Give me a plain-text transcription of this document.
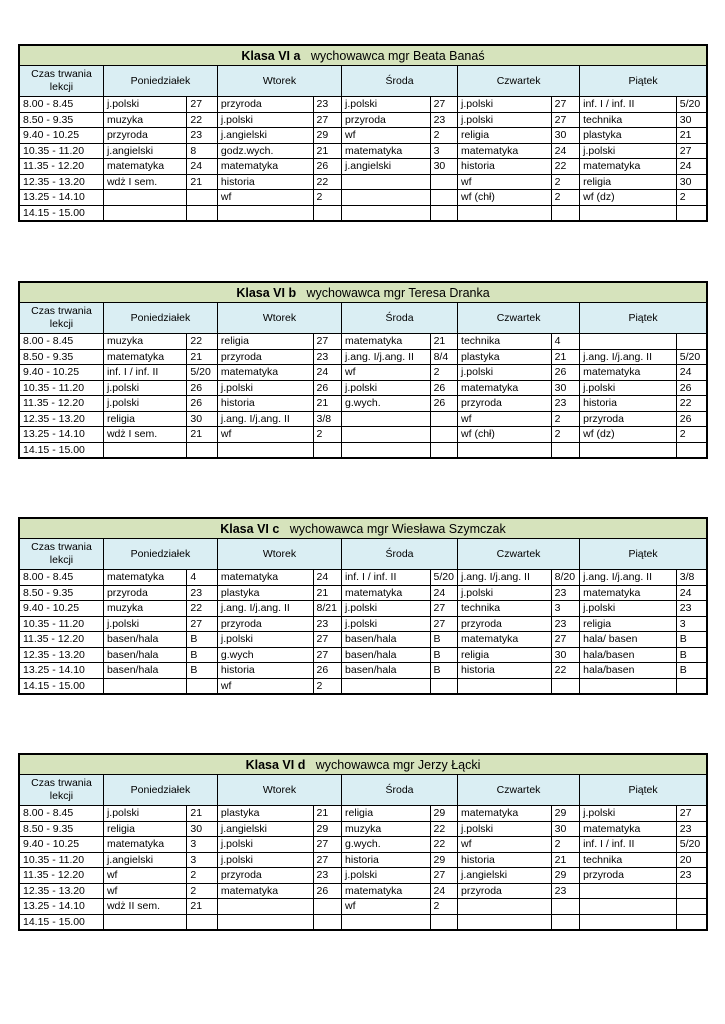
Klasa VI a   wychowawca mgr Beata Banaś										
Czas trwania lekcji	Poniedziałek		Wtorek		Środa		Czwartek		Piątek	
8.00 - 8.45	j.polski	27	przyroda	23	j.polski	27	j.polski	27	inf. I / inf. II	5/20
8.50 - 9.35	muzyka	22	j.polski	27	przyroda	23	j.polski	27	technika	30
9.40 - 10.25	przyroda	23	j.angielski	29	wf	2	religia	30	plastyka	21
10.35 - 11.20	j.angielski	8	godz.wych.	21	matematyka	3	matematyka	24	j.polski	27
11.35 - 12.20	matematyka	24	matematyka	26	j.angielski	30	historia	22	matematyka	24
12.35 - 13.20	wdż I sem.	21	historia	22			wf	2	religia	30
13.25 - 14.10			wf	2			wf (chł)	2	wf (dz)	2
14.15 - 15.00										
Klasa VI b   wychowawca mgr Teresa Dranka										
Czas trwania lekcji	Poniedziałek		Wtorek		Środa		Czwartek		Piątek	
8.00 - 8.45	muzyka	22	religia	27	matematyka	21	technika	4		
8.50 - 9.35	matematyka	21	przyroda	23	j.ang. I/j.ang. II	8/4	plastyka	21	j.ang. I/j.ang. II	5/20
9.40 - 10.25	inf. I / inf. II	5/20	matematyka	24	wf	2	j.polski	26	matematyka	24
10.35 - 11.20	j.polski	26	j.polski	26	j.polski	26	matematyka	30	j.polski	26
11.35 - 12.20	j.polski	26	historia	21	g.wych.	26	przyroda	23	historia	22
12.35 - 13.20	religia	30	j.ang. I/j.ang. II	3/8			wf	2	przyroda	26
13.25 - 14.10	wdż I sem.	21	wf	2			wf (chł)	2	wf (dz)	2
14.15 - 15.00										
Klasa VI c   wychowawca mgr Wiesława Szymczak										
Czas trwania lekcji	Poniedziałek		Wtorek		Środa		Czwartek		Piątek	
8.00 - 8.45	matematyka	4	matematyka	24	inf. I / inf. II	5/20	j.ang. I/j.ang. II	8/20	j.ang. I/j.ang. II	3/8
8.50 - 9.35	przyroda	23	plastyka	21	matematyka	24	j.polski	23	matematyka	24
9.40 - 10.25	muzyka	22	j.ang. I/j.ang. II	8/21	j.polski	27	technika	3	j.polski	23
10.35 - 11.20	j.polski	27	przyroda	23	j.polski	27	przyroda	23	religia	3
11.35 - 12.20	basen/hala	B	j.polski	27	basen/hala	B	matematyka	27	hala/ basen	B
12.35 - 13.20	basen/hala	B	g.wych	27	basen/hala	B	religia	30	hala/basen	B
13.25 - 14.10	basen/hala	B	historia	26	basen/hala	B	historia	22	hala/basen	B
14.15 - 15.00			wf	2						
Klasa VI d   wychowawca mgr Jerzy Łącki										
Czas trwania lekcji	Poniedziałek		Wtorek		Środa		Czwartek		Piątek	
8.00 - 8.45	j.polski	21	plastyka	21	religia	29	matematyka	29	j.polski	27
8.50 - 9.35	religia	30	j.angielski	29	muzyka	22	j.polski	30	matematyka	23
9.40 - 10.25	matematyka	3	j.polski	27	g.wych.	22	wf	2	inf. I / inf. II	5/20
10.35 - 11.20	j.angielski	3	j.polski	27	historia	29	historia	21	technika	20
11.35 - 12.20	wf	2	przyroda	23	j.polski	27	j.angielski	29	przyroda	23
12.35 - 13.20	wf	2	matematyka	26	matematyka	24	przyroda	23		
13.25 - 14.10	wdż II sem.	21			wf	2				
14.15 - 15.00										
